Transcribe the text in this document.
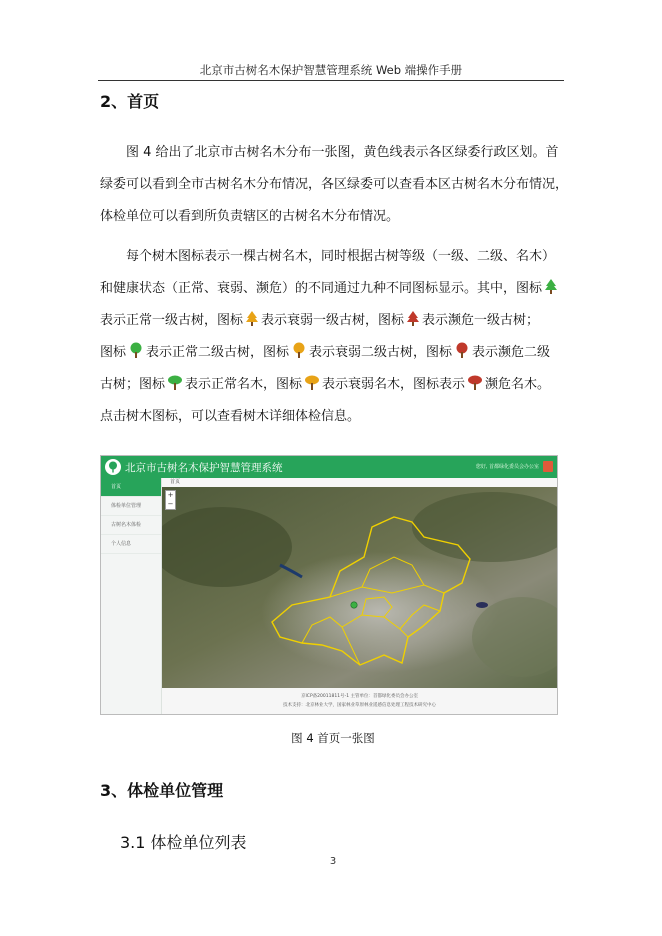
北京市古树名木保护智慧管理系统 Web 端操作手册
2、首页
图 4 给出了北京市古树名木分布一张图，黄色线表示各区绿委行政区划。首
绿委可以看到全市古树名木分布情况，各区绿委可以查看本区古树名木分布情况，
体检单位可以看到所负责辖区的古树名木分布情况。
每个树木图标表示一棵古树名木，同时根据古树等级（一级、二级、名木）
和健康状态（正常、衰弱、濒危）的不同通过九种不同图标显示。其中，图标
表示正常一级古树，图标 表示衰弱一级古树，图标 表示濒危一级古树；
图标 表示正常二级古树，图标 表示衰弱二级古树，图标 表示濒危二级
古树；图标 表示正常名木，图标 表示衰弱名木，图标表示 濒危名木。
点击树木图标，可以查看树木详细体检信息。
北京市古树名木保护智慧管理系统	您好, 首都绿化委员会办公室
首页
体检单位管理
古树名木体检
个人信息
首页
+
−
京ICP备20011811号-1 主管单位：首都绿化委员会办公室
技术支持：北京林业大学，国家林业草原林业遥感信息处理工程技术研究中心
图 4 首页一张图
3、体检单位管理
3.1 体检单位列表
3
